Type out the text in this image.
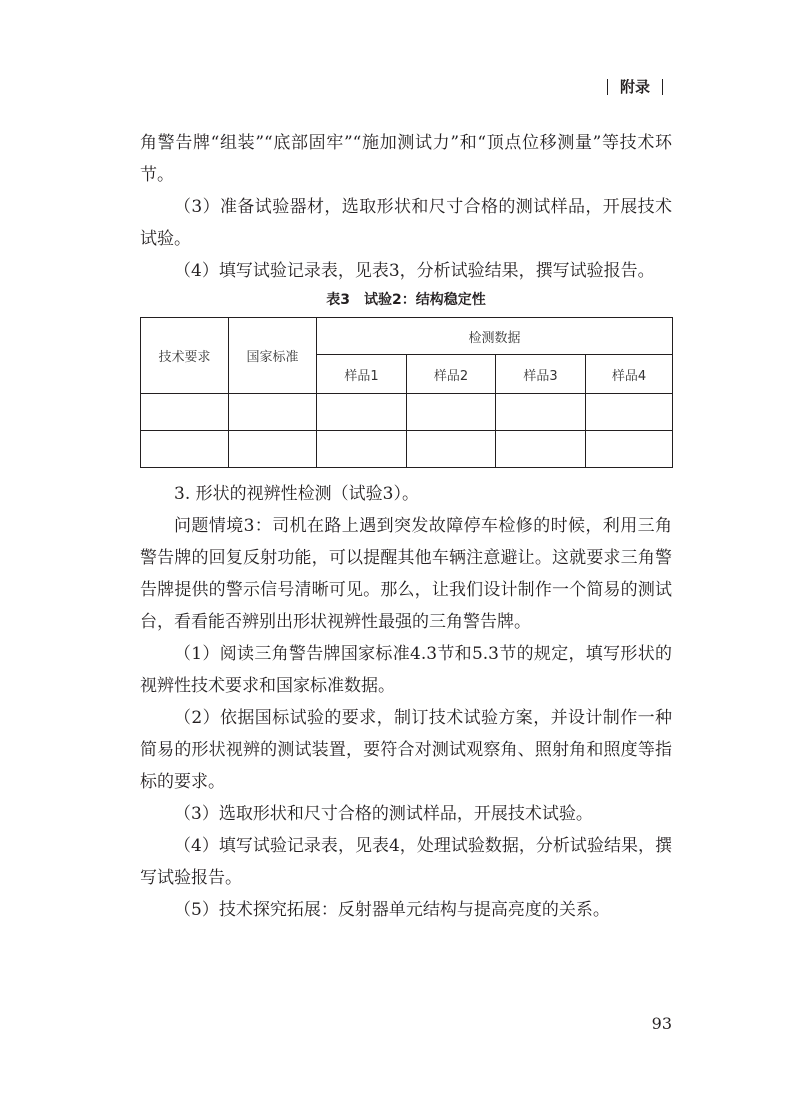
附录

角警告牌“组装”“底部固牢”“施加测试力”和“顶点位移测量”等技术环节。

（3）准备试验器材，选取形状和尺寸合格的测试样品，开展技术试验。

（4）填写试验记录表，见表3，分析试验结果，撰写试验报告。

表3　试验2：结构稳定性
技术要求	国家标准	检测数据			
		样品1	样品2	样品3	样品4

3. 形状的视辨性检测（试验3）。

问题情境3：司机在路上遇到突发故障停车检修的时候，利用三角警告牌的回复反射功能，可以提醒其他车辆注意避让。这就要求三角警告牌提供的警示信号清晰可见。那么，让我们设计制作一个简易的测试台，看看能否辨别出形状视辨性最强的三角警告牌。

（1）阅读三角警告牌国家标准4.3节和5.3节的规定，填写形状的视辨性技术要求和国家标准数据。

（2）依据国标试验的要求，制订技术试验方案，并设计制作一种简易的形状视辨的测试装置，要符合对测试观察角、照射角和照度等指标的要求。

（3）选取形状和尺寸合格的测试样品，开展技术试验。

（4）填写试验记录表，见表4，处理试验数据，分析试验结果，撰写试验报告。

（5）技术探究拓展：反射器单元结构与提高亮度的关系。

93
